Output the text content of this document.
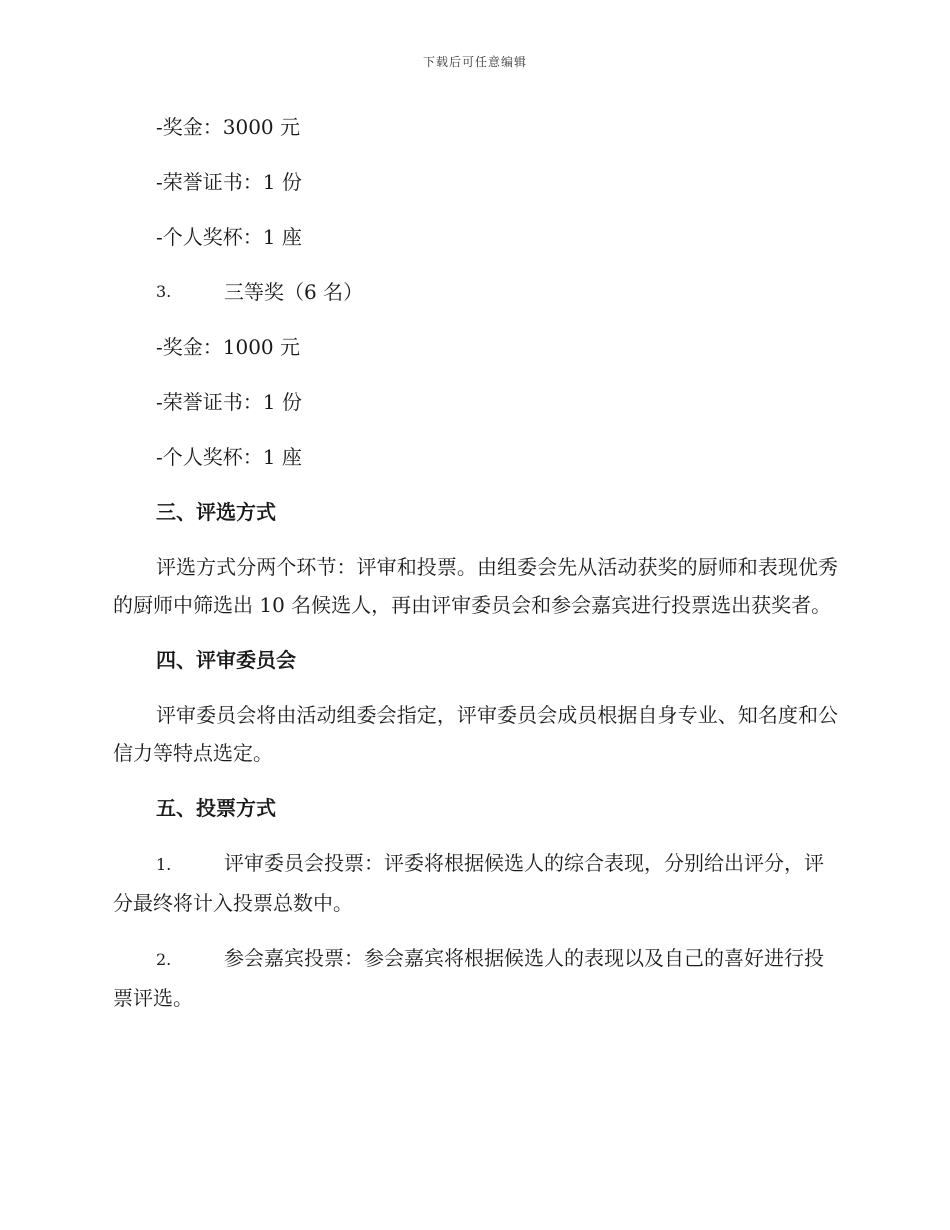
下载后可任意编辑
-奖金：3000 元
-荣誉证书：1 份
-个人奖杯：1 座
3.	三等奖（6 名）
-奖金：1000 元
-荣誉证书：1 份
-个人奖杯：1 座
三、评选方式
评选方式分两个环节：评审和投票。由组委会先从活动获奖的厨师和表现优秀的厨师中筛选出 10 名候选人，再由评审委员会和参会嘉宾进行投票选出获奖者。
四、评审委员会
评审委员会将由活动组委会指定，评审委员会成员根据自身专业、知名度和公信力等特点选定。
五、投票方式
1.	评审委员会投票：评委将根据候选人的综合表现，分别给出评分，评分最终将计入投票总数中。
2.	参会嘉宾投票：参会嘉宾将根据候选人的表现以及自己的喜好进行投票评选。
